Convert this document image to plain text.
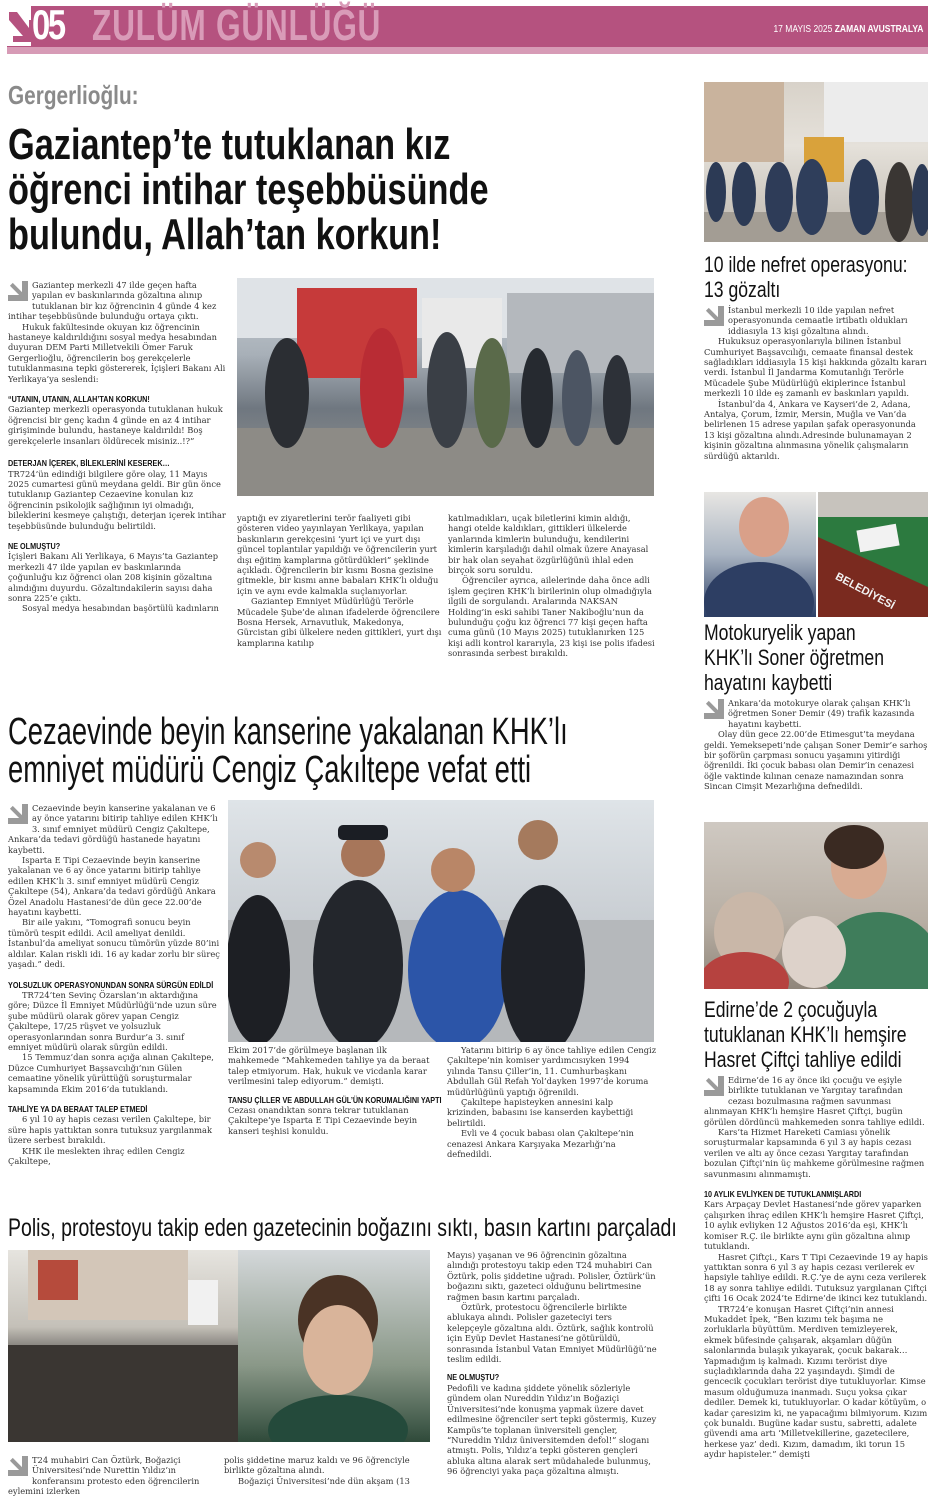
05 ZULÜM GÜNLÜĞÜ	17 MAYIS 2025 ZAMAN AVUSTRALYA
Gergerlioğlu:
Gaziantep’te tutuklanan kız
öğrenci intihar teşebbüsünde
bulundu, Allah’tan korkun!

Gaziantep merkezli 47 ilde geçen hafta yapılan ev baskınlarında gözaltına alınıp tutuklanan bir kız öğrencinin 4 günde 4 kez intihar teşebbüsünde bulunduğu ortaya çıktı.

Hukuk fakültesinde okuyan kız öğrencinin hastaneye kaldırıldığını sosyal medya hesabından duyuran DEM Parti Milletvekili Ömer Faruk Gergerlioğlu, öğrencilerin boş gerekçelerle tutuklanmasına tepki göstererek, İçişleri Bakanı Ali Yerlikaya’ya seslendi:

“UTANIN, UTANIN, ALLAH’TAN KORKUN!

Gaziantep merkezli operasyonda tutuklanan hukuk öğrencisi bir genç kadın 4 günde en az 4 intihar girişiminde bulundu, hastaneye kaldırıldı! Boş gerekçelerle insanları öldürecek misiniz..!?”

DETERJAN İÇEREK, BİLEKLERİNİ KESEREK…

TR724’ün edindiği bilgilere göre olay, 11 Mayıs 2025 cumartesi günü meydana geldi. Bir gün önce tutuklanıp Gaziantep Cezaevine konulan kız öğrencinin psikolojik sağlığının iyi olmadığı, bileklerini kesmeye çalıştığı, deterjan içerek intihar teşebbüsünde bulunduğu belirtildi.

NE OLMUŞTU?

İçişleri Bakanı Ali Yerlikaya, 6 Mayıs’ta Gaziantep merkezli 47 ilde yapılan ev baskınlarında çoğunluğu kız öğrenci olan 208 kişinin gözaltına alındığını duyurdu. Gözaltındakilerin sayısı daha sonra 225’e çıktı.

Sosyal medya hesabından başörtülü kadınların

yaptığı ev ziyaretlerini terör faaliyeti gibi gösteren video yayınlayan Yerlikaya, yapılan baskınların gerekçesini ‘yurt içi ve yurt dışı güncel toplantılar yapıldığı ve öğrencilerin yurt dışı eğitim kamplarına götürdükleri” şeklinde açıkladı. Öğrencilerin bir kısmı Bosna gezisine gitmekle, bir kısmı anne babaları KHK’lı olduğu için ve aynı evde kalmakla suçlanıyorlar.

Gaziantep Emniyet Müdürlüğü Terörle Mücadele Şube’de alınan ifadelerde öğrencilere Bosna Hersek, Arnavutluk, Makedonya, Gürcistan gibi ülkelere neden gittikleri, yurt dışı kamplarına katılıp

katılmadıkları, uçak biletlerini kimin aldığı, hangi otelde kaldıkları, gittikleri ülkelerde yanlarında kimlerin bulunduğu, kendilerini kimlerin karşıladığı dahil olmak üzere Anayasal bir hak olan seyahat özgürlüğünü ihlal eden birçok soru soruldu.

Öğrenciler ayrıca, ailelerinde daha önce adli işlem geçiren KHK’lı birilerinin olup olmadığıyla ilgili de sorgulandı. Aralarında NAKSAN Holding’in eski sahibi Taner Nakiboğlu’nun da bulunduğu çoğu kız öğrenci 77 kişi geçen hafta cuma günü (10 Mayıs 2025) tutuklanırken 125 kişi adli kontrol kararıyla, 23 kişi ise polis ifadesi sonrasında serbest bırakıldı.

Cezaevinde beyin kanserine yakalanan KHK’lı
emniyet müdürü Cengiz Çakıltepe vefat etti

Cezaevinde beyin kanserine yakalanan ve 6 ay önce yatarını bitirip tahliye edilen KHK’lı 3. sınıf emniyet müdürü Cengiz Çakıltepe, Ankara’da tedavi gördüğü hastanede hayatını kaybetti.

Isparta E Tipi Cezaevinde beyin kanserine yakalanan ve 6 ay önce yatarını bitirip tahliye edilen KHK’lı 3. sınıf emniyet müdürü Cengiz Çakıltepe (54), Ankara’da tedavi gördüğü Ankara Özel Anadolu Hastanesi’de dün gece 22.00’de hayatını kaybetti.

Bir aile yakını, “Tomografi sonucu beyin tümörü tespit edildi. Acil ameliyat denildi. İstanbul’da ameliyat sonucu tümörün yüzde 80’ini aldılar. Kalan riskli idi. 16 ay kadar zorlu bir süreç yaşadı.” dedi.

YOLSUZLUK OPERASYONUNDAN SONRA SÜRGÜN EDİLDİ

TR724’ten Sevinç Özarslan’ın aktardığına göre; Düzce İl Emniyet Müdürlüğü’nde uzun süre şube müdürü olarak görev yapan Cengiz Çakıltepe, 17/25 rüşvet ve yolsuzluk operasyonlarından sonra Burdur’a 3. sınıf emniyet müdürü olarak sürgün edildi.

15 Temmuz’dan sonra açığa alınan Çakıltepe, Düzce Cumhuriyet Başsavcılığı’nın Gülen cemaatine yönelik yürüttüğü soruşturmalar kapsamında Ekim 2016’da tutuklandı.

TAHLİYE YA DA BERAAT TALEP ETMEDİ

6 yıl 10 ay hapis cezası verilen Çakıltepe, bir süre hapis yattıktan sonra tutuksuz yargılanmak üzere serbest bırakıldı.

KHK ile meslekten ihraç edilen Cengiz Çakıltepe,

Ekim 2017’de görülmeye başlanan ilk mahkemede “Mahkemeden tahliye ya da beraat talep etmiyorum. Hak, hukuk ve vicdanla karar verilmesini talep ediyorum.” demişti.

TANSU ÇİLLER VE ABDULLAH GÜL’ÜN KORUMALIĞINI YAPTI

Cezası onandıktan sonra tekrar tutuklanan Çakıltepe’ye Isparta E Tipi Cezaevinde beyin kanseri teşhisi konuldu.

Yatarını bitirip 6 ay önce tahliye edilen Cengiz Çakıltepe’nin komiser yardımcısıyken 1994 yılında Tansu Çiller’in, 11. Cumhurbaşkanı Abdullah Gül Refah Yol’dayken 1997’de koruma müdürlüğünü yaptığı öğrenildi.

Çakıltepe hapisteyken annesini kalp krizinden, babasını ise kanserden kaybettiği belirtildi.

Evli ve 4 çocuk babası olan Çakıltepe’nin cenazesi Ankara Karşıyaka Mezarlığı’na defnedildi.

Polis, protestoyu takip eden gazetecinin boğazını sıktı, basın kartını parçaladı

T24 muhabiri Can Öztürk, Boğaziçi Üniversitesi’nde Nurettin Yıldız’ın konferansını protesto eden öğrencilerin eylemini izlerken

polis şiddetine maruz kaldı ve 96 öğrenciyle birlikte gözaltına alındı.

Boğaziçi Üniversitesi’nde dün akşam (13

Mayıs) yaşanan ve 96 öğrencinin gözaltına alındığı protestoyu takip eden T24 muhabiri Can Öztürk, polis şiddetine uğradı. Polisler, Öztürk’ün boğazını sıktı, gazeteci olduğunu belirtmesine rağmen basın kartını parçaladı.

Öztürk, protestocu öğrencilerle birlikte ablukaya alındı. Polisler gazeteciyi ters kelepçeyle gözaltına aldı. Öztürk, sağlık kontrolü için Eyüp Devlet Hastanesi’ne götürüldü, sonrasında İstanbul Vatan Emniyet Müdürlüğü’ne teslim edildi.

NE OLMUŞTU?

Pedofili ve kadına şiddete yönelik sözleriyle gündem olan Nureddin Yıldız’ın Boğaziçi Üniversitesi’nde konuşma yapmak üzere davet edilmesine öğrenciler sert tepki göstermiş, Kuzey Kampüs’te toplanan üniversiteli gençler, “Nureddin Yıldız üniversitemden defol!” sloganı atmıştı. Polis, Yıldız’a tepki gösteren gençleri abluka altına alarak sert müdahalede bulunmuş, 96 öğrenciyi yaka paça gözaltına almıştı.

10 ilde nefret operasyonu:
13 gözaltı

İstanbul merkezli 10 ilde yapılan nefret operasyonunda cemaatle irtibatlı oldukları iddiasıyla 13 kişi gözaltına alındı.

Hukuksuz operasyonlarıyla bilinen İstanbul Cumhuriyet Başsavcılığı, cemaate finansal destek sağladıkları iddiasıyla 15 kişi hakkında gözaltı kararı verdi. İstanbul İl Jandarma Komutanlığı Terörle Mücadele Şube Müdürlüğü ekiplerince İstanbul merkezli 10 ilde eş zamanlı ev baskınları yapıldı.

İstanbul’da 4, Ankara ve Kayseri’de 2, Adana, Antalya, Çorum, İzmir, Mersin, Muğla ve Van’da belirlenen 15 adrese yapılan şafak operasyonunda 13 kişi gözaltına alındı.Adresinde bulunamayan 2 kişinin gözaltına alınmasına yönelik çalışmaların sürdüğü aktarıldı.

BELEDİYESİ
Motokuryelik yapan
KHK’lı Soner öğretmen
hayatını kaybetti

Ankara’da motokurye olarak çalışan KHK’lı öğretmen Soner Demir (49) trafik kazasında hayatını kaybetti.

Olay dün gece 22.00’de Etimesgut’ta meydana geldi. Yemeksepeti’nde çalışan Soner Demir’e sarhoş bir şoförün çarpması sonucu yaşamını yitirdiği öğrenildi. İki çocuk babası olan Demir’in cenazesi öğle vaktinde kılınan cenaze namazından sonra Sincan Cimşit Mezarlığına defnedildi.

Edirne’de 2 çocuğuyla
tutuklanan KHK’lı hemşire
Hasret Çiftçi tahliye edildi

Edirne’de 16 ay önce iki çocuğu ve eşiyle birlikte tutuklanan ve Yargıtay tarafından cezası bozulmasına rağmen savunması alınmayan KHK’lı hemşire Hasret Çiftçi, bugün görülen dördüncü mahkemeden sonra tahliye edildi.

Kars’ta Hizmet Hareketi Camiası yönelik soruşturmalar kapsamında 6 yıl 3 ay hapis cezası verilen ve altı ay önce cezası Yargıtay tarafından bozulan Çiftçi’nin üç mahkeme görülmesine rağmen savunmasını alınmamıştı.

10 AYLIK EVLİYKEN DE TUTUKLANMIŞLARDI

Kars Arpaçay Devlet Hastanesi’nde görev yaparken çalışırken ihraç edilen KHK’lı hemşire Hasret Çiftçi, 10 aylık evliyken 12 Ağustos 2016’da eşi, KHK’lı komiser R.Ç. ile birlikte aynı gün gözaltına alınıp tutuklandı.

Hasret Çiftçi., Kars T Tipi Cezaevinde 19 ay hapis yattıktan sonra 6 yıl 3 ay hapis cezası verilerek ev hapsiyle tahliye edildi. R.Ç.’ye de aynı ceza verilerek 18 ay sonra tahliye edildi. Tutuksuz yargılanan Çiftçi çifti 16 Ocak 2024’te Edirne’de ikinci kez tutuklandı.

TR724’e konuşan Hasret Çiftçi’nin annesi Mukaddet İpek, “Ben kızımı tek başıma ne zorluklarla büyüttüm. Merdiven temizleyerek, ekmek büfesinde çalışarak, akşamları düğün salonlarında bulaşık yıkayarak, çocuk bakarak… Yapmadığım iş kalmadı. Kızımı terörist diye suçladıklarında daha 22 yaşındaydı. Şimdi de gencecik çocukları terörist diye tutukluyorlar. Kimse masum olduğumuza inanmadı. Suçu yoksa çıkar dediler. Demek ki, tutukluyorlar. O kadar kötüyüm, o kadar çaresizim ki, ne yapacağımı bilmiyorum. Kızım çok bunaldı. Bugüne kadar sustu, sabretti, adalete güvendi ama artı ‘Milletvekillerine, gazetecilere, herkese yaz’ dedi. Kızım, damadım, iki torun 15 aydır hapisteler.” demişti
